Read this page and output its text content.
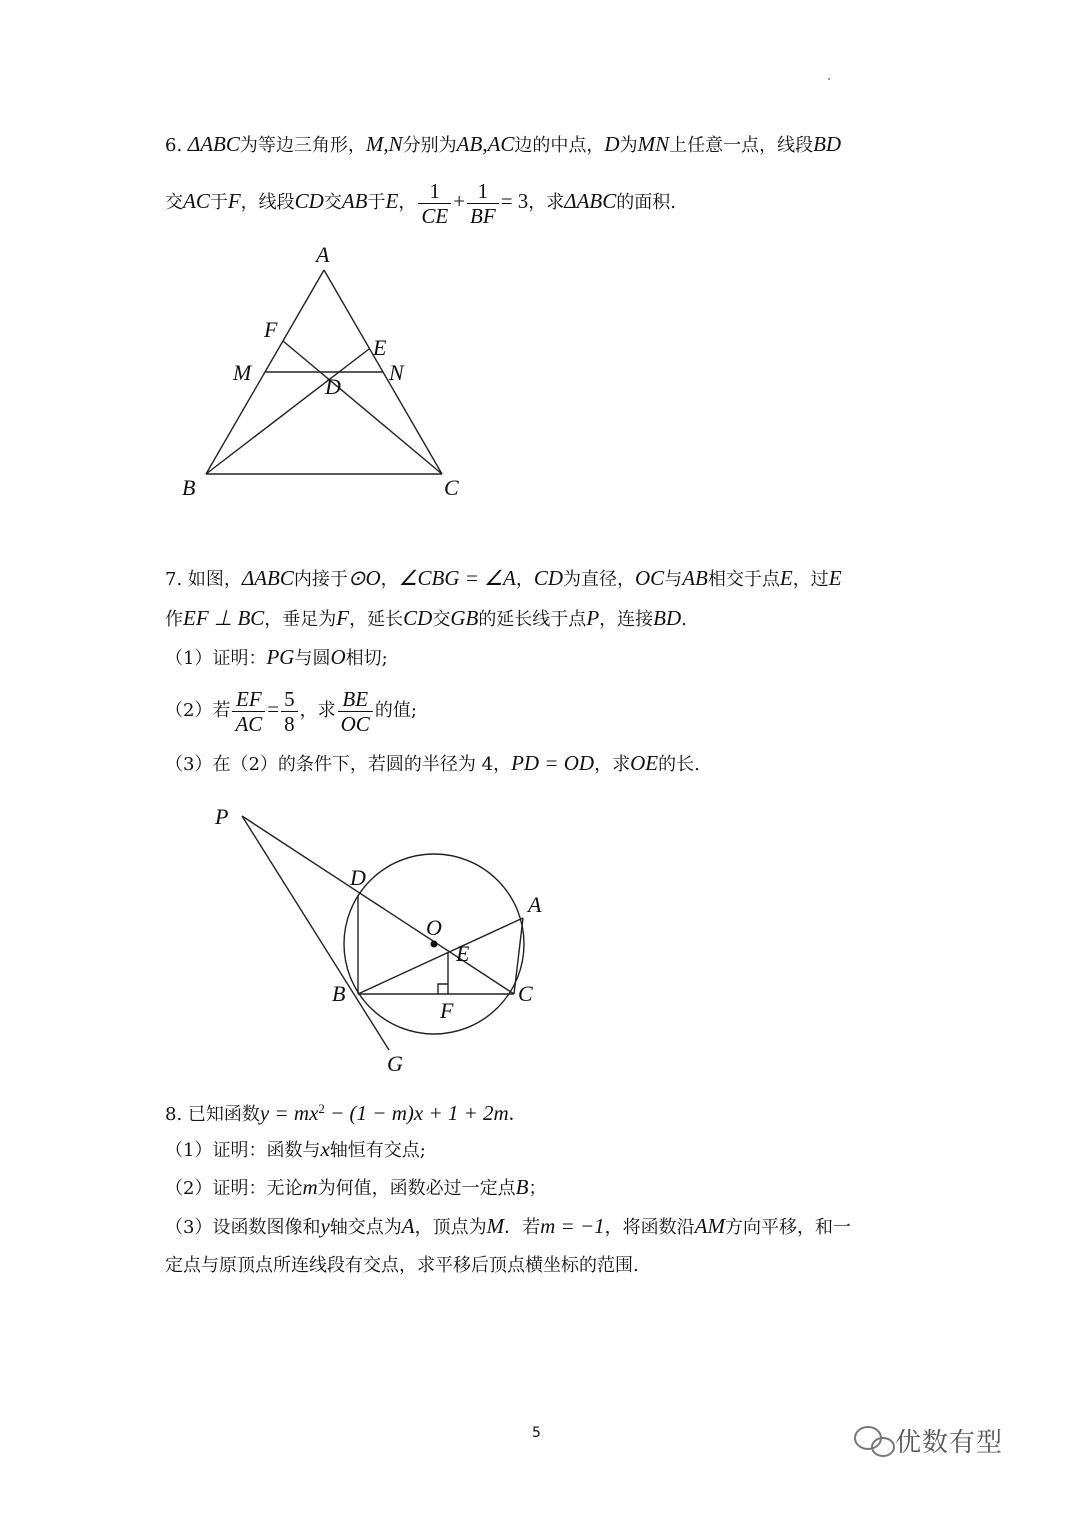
6. ΔABC为等边三角形，M,N分别为AB,AC边的中点，D为MN上任意一点，线段BD
交AC于F，线段CD交AB于E， $\frac{1}{CE} + \frac{1}{BF} = 3$，求ΔABC的面积.
A
B	C
D
E
F
M	N
P
D
A
O
E
B	C
F
G
7. 如图，ΔABC内接于⊙O，∠CBG = ∠A，CD为直径，OC与AB相交于点E，过E
作EF ⊥ BC，垂足为F，延长CD交GB的延长线于点P，连接BD.
（1）证明：PG与圆O相切;
（2）若 $\frac{EF}{AC} = \frac{5}{8}$ ，求 $\frac{BE}{OC}$ 的值;
（3）在（2）的条件下，若圆的半径为 4，PD = OD，求OE的长.
8. 已知函数$y = mx^2 - (1 - m)x + 1 + 2m$.
（1）证明：函数与x轴恒有交点;
（2）证明：无论m为何值，函数必过一定点B；
（3）设函数图像和y轴交点为A，顶点为M．若m = −1，将函数沿AM方向平移，和一
定点与原顶点所连线段有交点，求平移后顶点横坐标的范围.
5	优数有型
